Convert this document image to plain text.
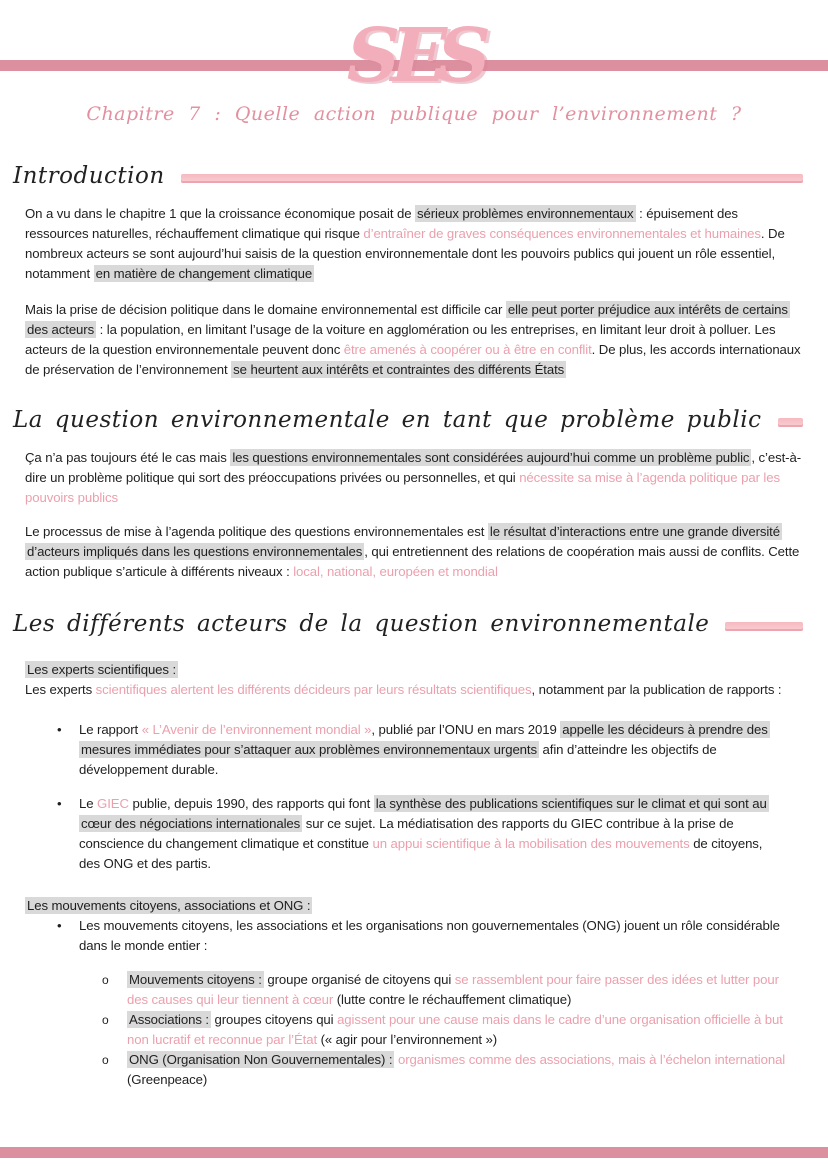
SES
Chapitre 7 : Quelle action publique pour l’environnement ?
Introduction

On a vu dans le chapitre 1 que la croissance économique posait de sérieux problèmes environnementaux : épuisement des ressources naturelles, réchauffement climatique qui risque d’entraîner de graves conséquences environnementales et humaines. De nombreux acteurs se sont aujourd’hui saisis de la question environnementale dont les pouvoirs publics qui jouent un rôle essentiel, notamment en matière de changement climatique

Mais la prise de décision politique dans le domaine environnemental est difficile car elle peut porter préjudice aux intérêts de certains des acteurs : la population, en limitant l’usage de la voiture en agglomération ou les entreprises, en limitant leur droit à polluer. Les acteurs de la question environnementale peuvent donc être amenés à coopérer ou à être en conflit. De plus, les accords internationaux de préservation de l’environnement se heurtent aux intérêts et contraintes des différents États

La question environnementale en tant que problème public

Ça n’a pas toujours été le cas mais les questions environnementales sont considérées aujourd’hui comme un problème public , c’est-à-dire un problème politique qui sort des préoccupations privées ou personnelles, et qui nécessite sa mise à l’agenda politique par les pouvoirs publics

Le processus de mise à l’agenda politique des questions environnementales est le résultat d’interactions entre une grande diversité d’acteurs impliqués dans les questions environnementales , qui entretiennent des relations de coopération mais aussi de conflits. Cette action publique s’articule à différents niveaux : local, national, européen et mondial

Les différents acteurs de la question environnementale

Les experts scientifiques :

Les experts scientifiques alertent les différents décideurs par leurs résultats scientifiques, notamment par la publication de rapports :

•	Le rapport « L’Avenir de l’environnement mondial », publié par l’ONU en mars 2019 appelle les décideurs à prendre des mesures immédiates pour s’attaquer aux problèmes environnementaux urgents afin d’atteindre les objectifs de développement durable.
•	Le GIEC publie, depuis 1990, des rapports qui font la synthèse des publications scientifiques sur le climat et qui sont au cœur des négociations internationales sur ce sujet. La médiatisation des rapports du GIEC contribue à la prise de conscience du changement climatique et constitue un appui scientifique à la mobilisation des mouvements de citoyens, des ONG et des partis.

Les mouvements citoyens, associations et ONG :

•	Les mouvements citoyens, les associations et les organisations non gouvernementales (ONG) jouent un rôle considérable dans le monde entier :
o	Mouvements citoyens : groupe organisé de citoyens qui se rassemblent pour faire passer des idées et lutter pour des causes qui leur tiennent à cœur (lutte contre le réchauffement climatique)
o	Associations : groupes citoyens qui agissent pour une cause mais dans le cadre d’une organisation officielle à but non lucratif et reconnue par l’État (« agir pour l’environnement »)
o	ONG (Organisation Non Gouvernementales) : organismes comme des associations, mais à l’échelon international (Greenpeace)
